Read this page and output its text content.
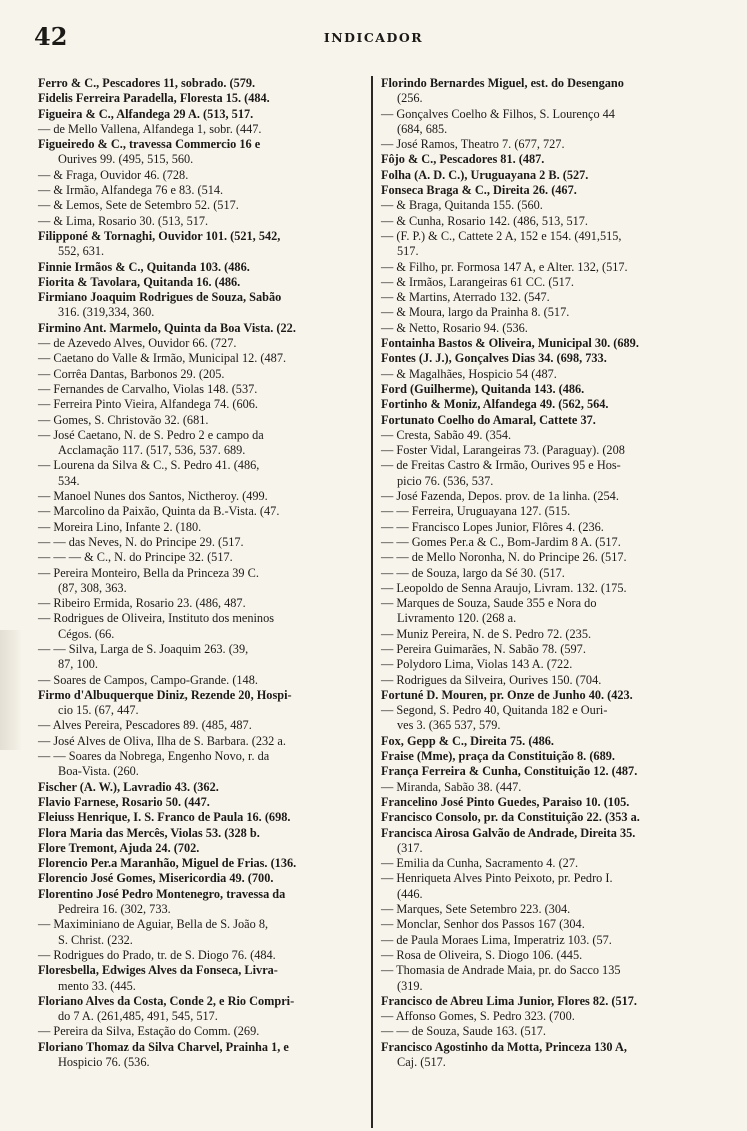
42	INDICADOR
Ferro & C., Pescadores 11, sobrado. (579.
Fidelis Ferreira Paradella, Floresta 15. (484.
Figueira & C., Alfandega 29 A. (513, 517.
— de Mello Vallena, Alfandega 1, sobr. (447.
Figueiredo & C., travessa Commercio 16 e
Ourives 99. (495, 515, 560.
— & Fraga, Ouvidor 46. (728.
— & Irmão, Alfandega 76 e 83. (514.
— & Lemos, Sete de Setembro 52. (517.
— & Lima, Rosario 30. (513, 517.
Filipponé & Tornaghi, Ouvidor 101. (521, 542,
552, 631.
Finnie Irmãos & C., Quitanda 103. (486.
Fiorita & Tavolara, Quitanda 16. (486.
Firmiano Joaquim Rodrigues de Souza, Sabão
316. (319,334, 360.
Firmino Ant. Marmelo, Quinta da Boa Vista. (22.
— de Azevedo Alves, Ouvidor 66. (727.
— Caetano do Valle & Irmão, Municipal 12. (487.
— Corrêa Dantas, Barbonos 29. (205.
— Fernandes de Carvalho, Violas 148. (537.
— Ferreira Pinto Vieira, Alfandega 74. (606.
— Gomes, S. Christovão 32. (681.
— José Caetano, N. de S. Pedro 2 e campo da
Acclamação 117. (517, 536, 537. 689.
— Lourena da Silva & C., S. Pedro 41. (486,
534.
— Manoel Nunes dos Santos, Nictheroy. (499.
— Marcolino da Paixão, Quinta da B.-Vista. (47.
— Moreira Lino, Infante 2. (180.
— — das Neves, N. do Principe 29. (517.
— — — & C., N. do Principe 32. (517.
— Pereira Monteiro, Bella da Princeza 39 C.
(87, 308, 363.
— Ribeiro Ermida, Rosario 23. (486, 487.
— Rodrigues de Oliveira, Instituto dos meninos
Cégos. (66.
— — Silva, Larga de S. Joaquim 263. (39,
87, 100.
— Soares de Campos, Campo-Grande. (148.
Firmo d'Albuquerque Diniz, Rezende 20, Hospi-
cio 15. (67, 447.
— Alves Pereira, Pescadores 89. (485, 487.
— José Alves de Oliva, Ilha de S. Barbara. (232 a.
— — Soares da Nobrega, Engenho Novo, r. da
Boa-Vista. (260.
Fischer (A. W.), Lavradio 43. (362.
Flavio Farnese, Rosario 50. (447.
Fleiuss Henrique, I. S. Franco de Paula 16. (698.
Flora Maria das Mercês, Violas 53. (328 b.
Flore Tremont, Ajuda 24. (702.
Florencio Per.a Maranhão, Miguel de Frias. (136.
Florencio José Gomes, Misericordia 49. (700.
Florentino José Pedro Montenegro, travessa da
Pedreira 16. (302, 733.
— Maximiniano de Aguiar, Bella de S. João 8,
S. Christ. (232.
— Rodrigues do Prado, tr. de S. Diogo 76. (484.
Floresbella, Edwiges Alves da Fonseca, Livra-
mento 33. (445.
Floriano Alves da Costa, Conde 2, e Rio Compri-
do 7 A. (261,485, 491, 545, 517.
— Pereira da Silva, Estação do Comm. (269.
Floriano Thomaz da Silva Charvel, Prainha 1, e
Hospicio 76. (536.
Florindo Bernardes Miguel, est. do Desengano
(256.
— Gonçalves Coelho & Filhos, S. Lourenço 44
(684, 685.
— José Ramos, Theatro 7. (677, 727.
Fôjo & C., Pescadores 81. (487.
Folha (A. D. C.), Uruguayana 2 B. (527.
Fonseca Braga & C., Direita 26. (467.
— & Braga, Quitanda 155. (560.
— & Cunha, Rosario 142. (486, 513, 517.
— (F. P.) & C., Cattete 2 A, 152 e 154. (491,515,
517.
— & Filho, pr. Formosa 147 A, e Alter. 132, (517.
— & Irmãos, Larangeiras 61 CC. (517.
— & Martins, Aterrado 132. (547.
— & Moura, largo da Prainha 8. (517.
— & Netto, Rosario 94. (536.
Fontainha Bastos & Oliveira, Municipal 30. (689.
Fontes (J. J.), Gonçalves Dias 34. (698, 733.
— & Magalhães, Hospicio 54 (487.
Ford (Guilherme), Quitanda 143. (486.
Fortinho & Moniz, Alfandega 49. (562, 564.
Fortunato Coelho do Amaral, Cattete 37.
— Cresta, Sabão 49. (354.
— Foster Vidal, Larangeiras 73. (Paraguay). (208
— de Freitas Castro & Irmão, Ourives 95 e Hos-
picio 76. (536, 537.
— José Fazenda, Depos. prov. de 1a linha. (254.
— — Ferreira, Uruguayana 127. (515.
— — Francisco Lopes Junior, Flôres 4. (236.
— — Gomes Per.a & C., Bom-Jardim 8 A. (517.
— — de Mello Noronha, N. do Principe 26. (517.
— — de Souza, largo da Sé 30. (517.
— Leopoldo de Senna Araujo, Livram. 132. (175.
— Marques de Souza, Saude 355 e Nora do
Livramento 120. (268 a.
— Muniz Pereira, N. de S. Pedro 72. (235.
— Pereira Guimarães, N. Sabão 78. (597.
— Polydoro Lima, Violas 143 A. (722.
— Rodrigues da Silveira, Ourives 150. (704.
Fortuné D. Mouren, pr. Onze de Junho 40. (423.
— Segond, S. Pedro 40, Quitanda 182 e Ouri-
ves 3. (365 537, 579.
Fox, Gepp & C., Direita 75. (486.
Fraise (Mme), praça da Constituição 8. (689.
França Ferreira & Cunha, Constituição 12. (487.
— Miranda, Sabão 38. (447.
Francelino José Pinto Guedes, Paraiso 10. (105.
Francisco Consolo, pr. da Constituição 22. (353 a.
Francisca Airosa Galvão de Andrade, Direita 35.
(317.
— Emilia da Cunha, Sacramento 4. (27.
— Henriqueta Alves Pinto Peixoto, pr. Pedro I.
(446.
— Marques, Sete Setembro 223. (304.
— Monclar, Senhor dos Passos 167 (304.
— de Paula Moraes Lima, Imperatriz 103. (57.
— Rosa de Oliveira, S. Diogo 106. (445.
— Thomasia de Andrade Maia, pr. do Sacco 135
(319.
Francisco de Abreu Lima Junior, Flores 82. (517.
— Affonso Gomes, S. Pedro 323. (700.
— — de Souza, Saude 163. (517.
Francisco Agostinho da Motta, Princeza 130 A,
Caj. (517.
